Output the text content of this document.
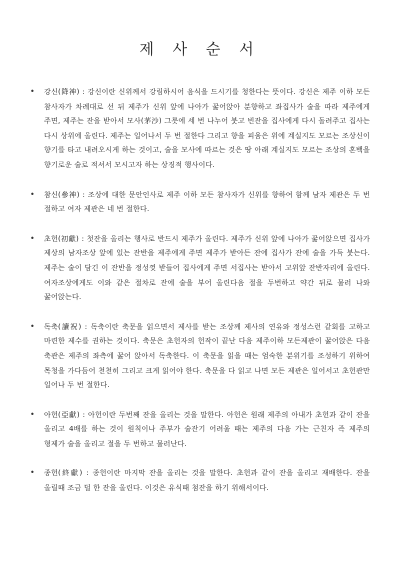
제 사 순 서
• 강신(降神) : 강신이란 신위께서 강림하시어 음식을 드시기를 청한다는 뜻이다. 강신은 제주 이하 모든 참사자가 차례대로 선 뒤 제주가 신위 앞에 나아가 꿇어앉아 분향하고 좌집사가 술을 따라 제주에게 주면, 제주는 잔을 받아서 모사(茅沙) 그릇에 세 번 나누어 붓고 빈잔을 집사에게 다시 돌려주고 집사는 다시 상위에 올린다. 제주는 일어나서 두 번 절한다 그리고 향을 피움은 위에 계실지도 모르는 조상신이 향기를 타고 내려오시게 하는 것이고, 술을 모사에 따르는 것은 땅 아래 계실지도 모르는 조상의 혼백을 향기로운 술로 적셔서 모시고자 하는 상징적 행사이다.
• 참신(參神) : 조상에 대한 문안인사로 제주 이하 모든 참사자가 신위를 향하여 함께 남자 제관은 두 번 절하고 여자 제관은 네 번 절한다.
• 초헌(初獻) : 첫잔을 올리는 행사로 반드시 제주가 올린다. 제주가 신위 앞에 나아가 꿇어앉으면 집사가 제상의 남자조상 앞에 있는 잔반을 제주에게 주면 제주가 받아든 잔에 집사가 잔에 술을 가득 붓는다. 제주는 술이 담긴 이 잔반을 정성껏 받들어 집사에게 주면 서집사는 받아서 고위앞 잔반자리에 올린다. 여자조상에게도 이와 같은 절차로 잔에 술을 부어 올린다음 절을 두번하고 약간 뒤로 물러 나와 꿇어앉는다.
• 독축(讀祝) : 독축이란 축문을 읽으면서 제사를 받는 조상께 제사의 연유와 정성스런 같회를 고하고 마련한 제수를 권하는 것이다. 축문은 초헌자의 헌작이 끝난 다음 제주이하 모든제관이 꿇어앉은 다음 축관은 제주의 좌측에 꿇어 앉아서 독축한다. 이 축문을 읽을 때는 엄숙한 분위기를 조성하기 위하여 목청을 가다듬어 천천히 그리고 크게 읽어야 한다. 축문을 다 읽고 나면 모든 제관은 일어서고 초헌관만 일어나 두 번 절한다.
• 아헌(亞獻) : 아헌이란 두번째 잔을 올리는 것을 말한다. 아헌은 원래 제주의 아내가 초헌과 같이 잔을 올리고 4배를 하는 것이 원칙이나 주부가 술잔기 어려울 때는 제주의 다음 가는 근친자 즉 제주의 형제가 술을 올리고 절을 두 번하고 물러난다.
• 종헌(終獻) : 종헌이란 마지막 잔을 올리는 것을 말한다. 초헌과 같이 잔을 올리고 재배한다. 잔을 올릴때 조금 덜 한 잔을 올린다. 이것은 유식때 첨잔을 하기 위해서이다.
